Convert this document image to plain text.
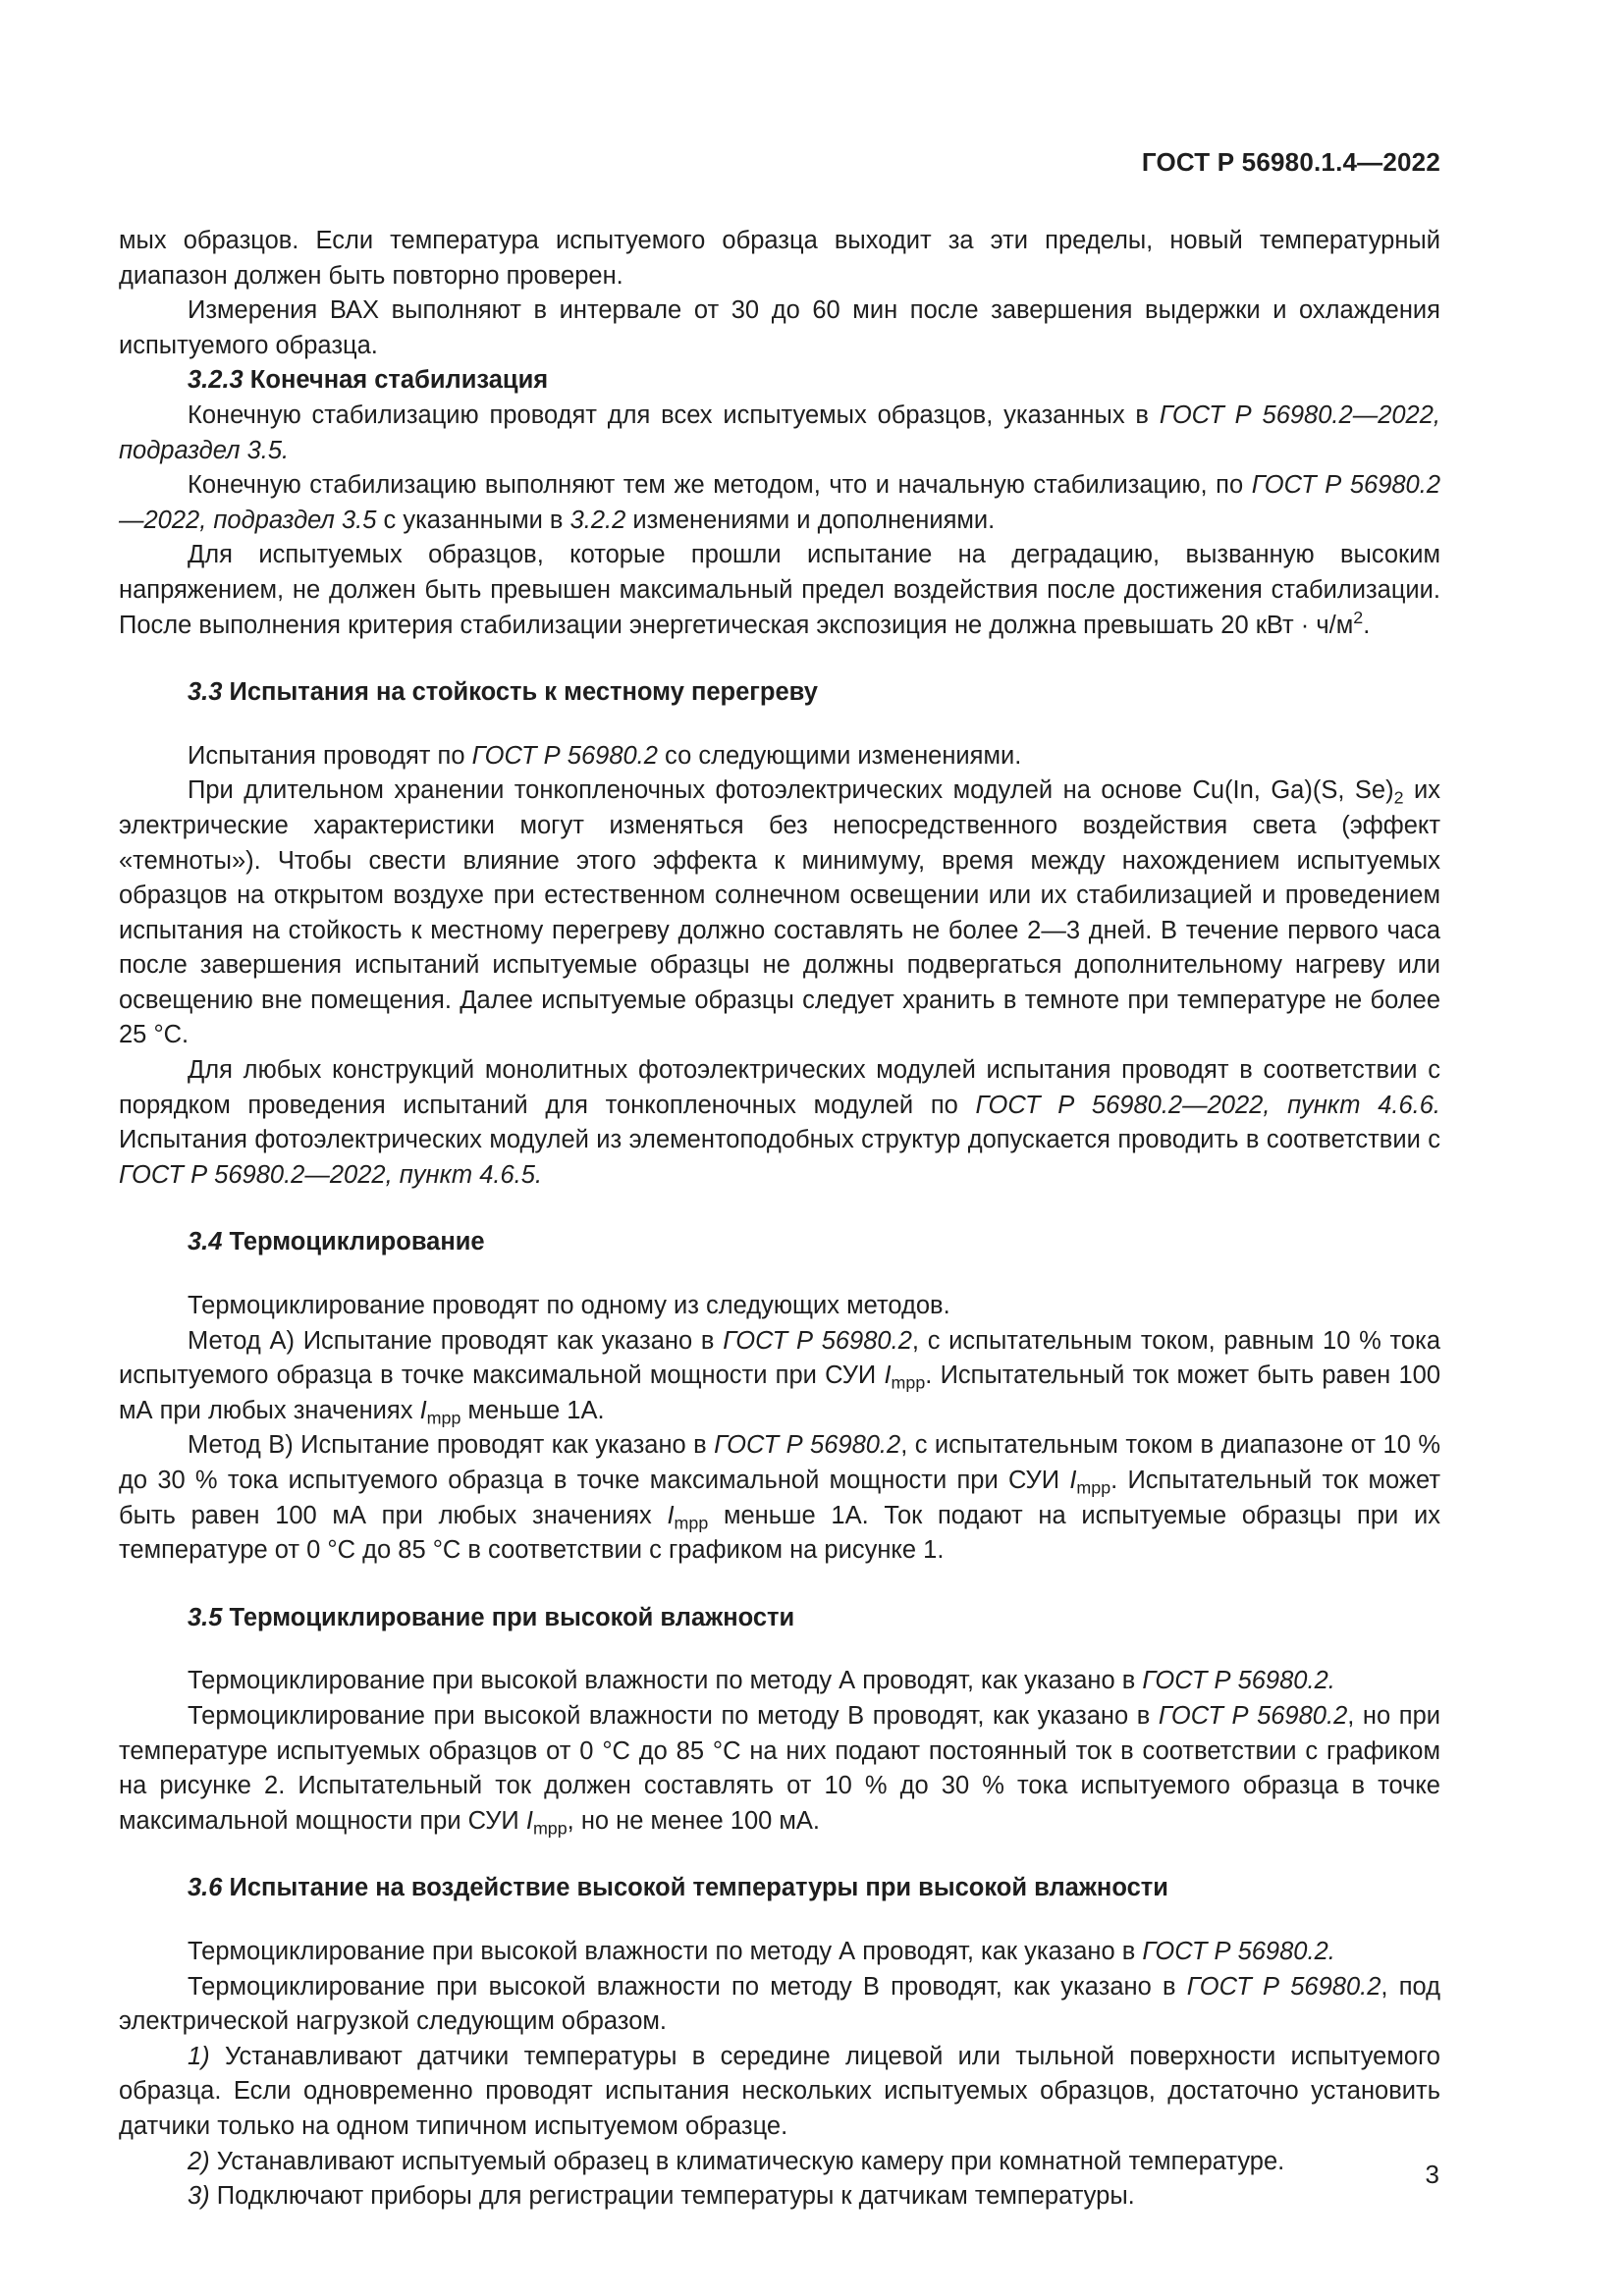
ГОСТ Р 56980.1.4—2022

мых образцов. Если температура испытуемого образца выходит за эти пределы, новый температурный диапазон должен быть повторно проверен.

Измерения ВАХ выполняют в интервале от 30 до 60 мин после завершения выдержки и охлаждения испытуемого образца.

3.2.3 Конечная стабилизация

Конечную стабилизацию проводят для всех испытуемых образцов, указанных в ГОСТ Р 56980.2—2022, подраздел 3.5.

Конечную стабилизацию выполняют тем же методом, что и начальную стабилизацию, по ГОСТ Р 56980.2—2022, подраздел 3.5 с указанными в 3.2.2 изменениями и дополнениями.

Для испытуемых образцов, которые прошли испытание на деградацию, вызванную высоким напряжением, не должен быть превышен максимальный предел воздействия после достижения стабилизации. После выполнения критерия стабилизации энергетическая экспозиция не должна превышать 20 кВт · $ч/м^2$.

3.3 Испытания на стойкость к местному перегреву

Испытания проводят по ГОСТ Р 56980.2 со следующими изменениями.

При длительном хранении тонкопленочных фотоэлектрических модулей на основе Cu(In, Ga)(S, $Se)_2$ их электрические характеристики могут изменяться без непосредственного воздействия света (эффект «темноты»). Чтобы свести влияние этого эффекта к минимуму, время между нахождением испытуемых образцов на открытом воздухе при естественном солнечном освещении или их стабилизацией и проведением испытания на стойкость к местному перегреву должно составлять не более 2—3 дней. В течение первого часа после завершения испытаний испытуемые образцы не должны подвергаться дополнительному нагреву или освещению вне помещения. Далее испытуемые образцы следует хранить в темноте при температуре не более 25 °С.

Для любых конструкций монолитных фотоэлектрических модулей испытания проводят в соответствии с порядком проведения испытаний для тонкопленочных модулей по ГОСТ Р 56980.2—2022, пункт 4.6.6. Испытания фотоэлектрических модулей из элементоподобных структур допускается проводить в соответствии с ГОСТ Р 56980.2—2022, пункт 4.6.5.

3.4 Термоциклирование

Термоциклирование проводят по одному из следующих методов.

Метод А) Испытание проводят как указано в ГОСТ Р 56980.2, с испытательным током, равным 10 % тока испытуемого образца в точке максимальной мощности при СУИ $I_{mpp}$. Испытательный ток может быть равен 100 мА при любых значениях $I_{mpp}$ меньше 1А.

Метод В) Испытание проводят как указано в ГОСТ Р 56980.2, с испытательным током в диапазоне от 10 % до 30 % тока испытуемого образца в точке максимальной мощности при СУИ $I_{mpp}$. Испытательный ток может быть равен 100 мА при любых значениях $I_{mpp}$ меньше 1А. Ток подают на испытуемые образцы при их температуре от 0 °С до 85 °С в соответствии с графиком на рисунке 1.

3.5 Термоциклирование при высокой влажности

Термоциклирование при высокой влажности по методу А проводят, как указано в ГОСТ Р 56980.2.

Термоциклирование при высокой влажности по методу В проводят, как указано в ГОСТ Р 56980.2, но при температуре испытуемых образцов от 0 °С до 85 °С на них подают постоянный ток в соответствии с графиком на рисунке 2. Испытательный ток должен составлять от 10 % до 30 % тока испытуемого образца в точке максимальной мощности при СУИ $I_{mpp}$, но не менее 100 мА.

3.6 Испытание на воздействие высокой температуры при высокой влажности

Термоциклирование при высокой влажности по методу А проводят, как указано в ГОСТ Р 56980.2.

Термоциклирование при высокой влажности по методу В проводят, как указано в ГОСТ Р 56980.2, под электрической нагрузкой следующим образом.

1) Устанавливают датчики температуры в середине лицевой или тыльной поверхности испытуемого образца. Если одновременно проводят испытания нескольких испытуемых образцов, достаточно установить датчики только на одном типичном испытуемом образце.

2) Устанавливают испытуемый образец в климатическую камеру при комнатной температуре.

3) Подключают приборы для регистрации температуры к датчикам температуры.

3
